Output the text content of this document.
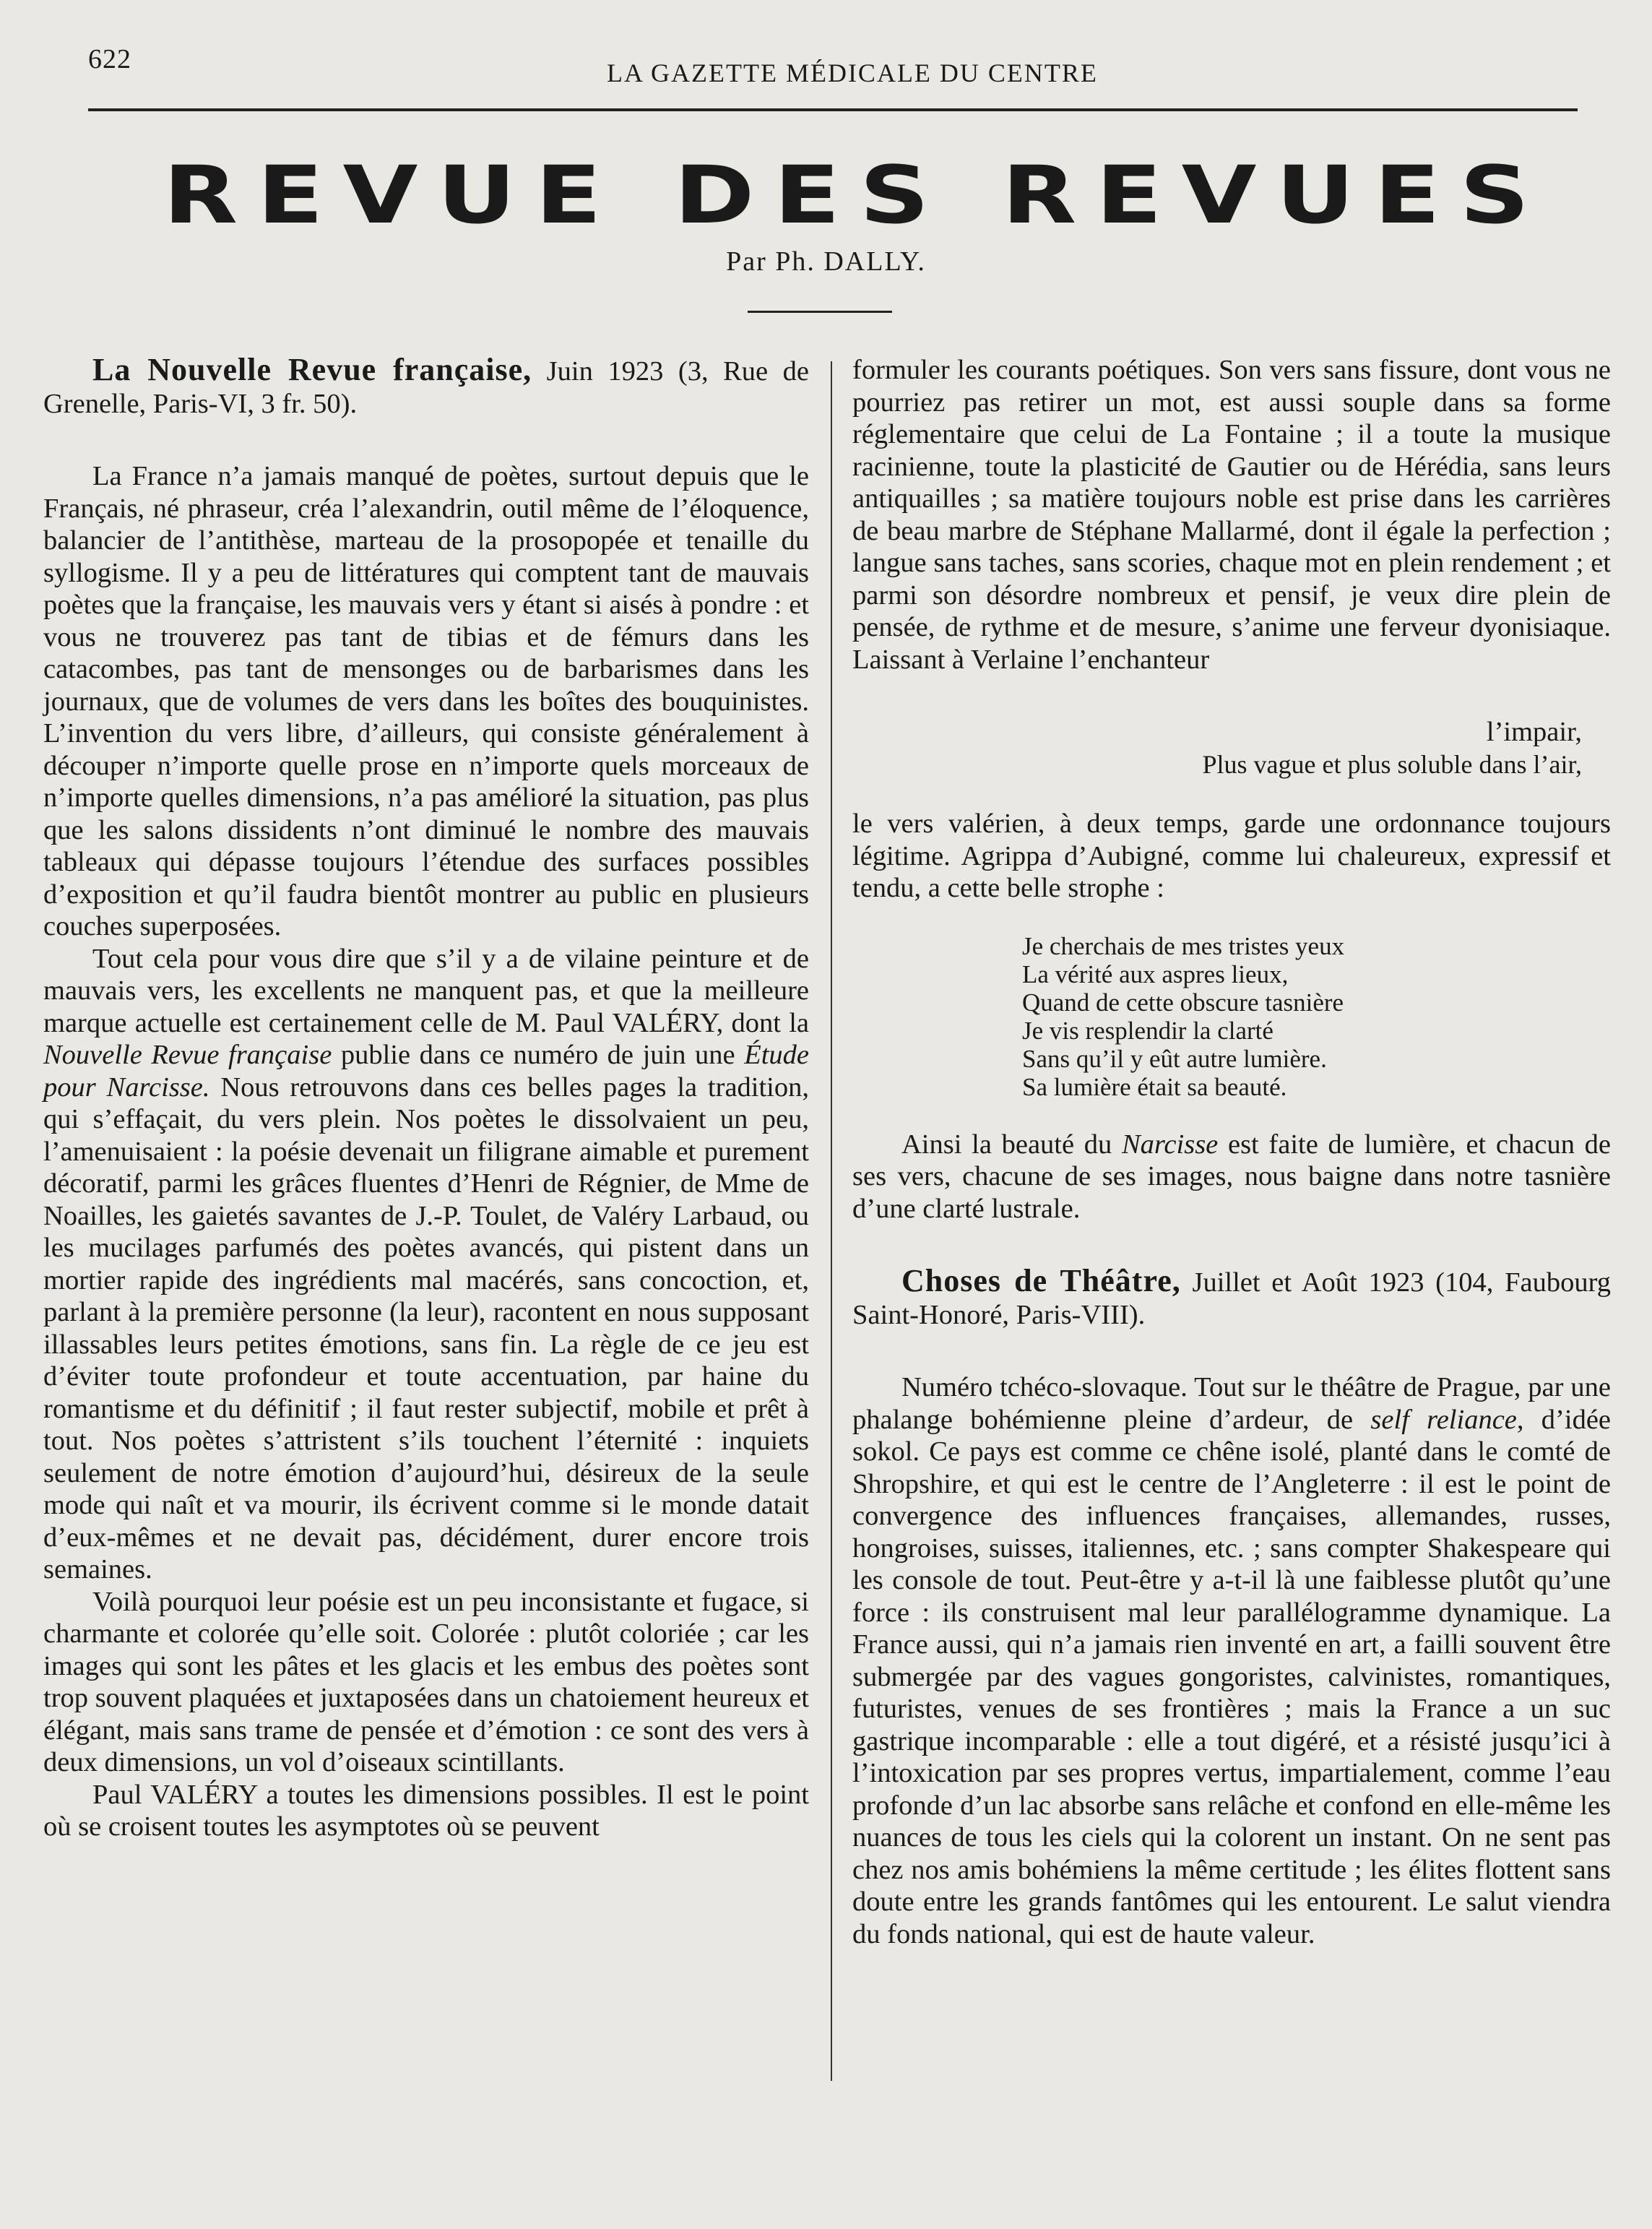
622	LA GAZETTE MÉDICALE DU CENTRE
REVUE DES REVUES
Par Ph. DALLY.

La Nouvelle Revue française, Juin 1923 (3, Rue de Grenelle, Paris-VI, 3 fr. 50).

La France n’a jamais manqué de poètes, surtout depuis que le Français, né phraseur, créa l’alexandrin, outil même de l’éloquence, balancier de l’antithèse, marteau de la prosopopée et tenaille du syllogisme. Il y a peu de littératures qui comptent tant de mauvais poètes que la française, les mauvais vers y étant si aisés à pondre : et vous ne trouverez pas tant de tibias et de fémurs dans les catacombes, pas tant de mensonges ou de barbarismes dans les journaux, que de volumes de vers dans les boîtes des bouquinistes. L’invention du vers libre, d’ailleurs, qui consiste généralement à découper n’importe quelle prose en n’importe quels morceaux de n’importe quelles dimensions, n’a pas amélioré la situation, pas plus que les salons dissidents n’ont diminué le nombre des mauvais tableaux qui dépasse toujours l’étendue des surfaces possibles d’exposition et qu’il faudra bientôt montrer au public en plusieurs couches superposées.

Tout cela pour vous dire que s’il y a de vilaine peinture et de mauvais vers, les excellents ne manquent pas, et que la meilleure marque actuelle est certainement celle de M. Paul VALÉRY, dont la Nouvelle Revue française publie dans ce numéro de juin une Étude pour Narcisse. Nous retrouvons dans ces belles pages la tradition, qui s’effaçait, du vers plein. Nos poètes le dissolvaient un peu, l’amenuisaient : la poésie devenait un filigrane aimable et purement décoratif, parmi les grâces fluentes d’Henri de Régnier, de Mme de Noailles, les gaietés savantes de J.-P. Toulet, de Valéry Larbaud, ou les mucilages parfumés des poètes avancés, qui pistent dans un mortier rapide des ingrédients mal macérés, sans concoction, et, parlant à la première personne (la leur), racontent en nous supposant illassables leurs petites émotions, sans fin. La règle de ce jeu est d’éviter toute profondeur et toute accentuation, par haine du romantisme et du définitif ; il faut rester subjectif, mobile et prêt à tout. Nos poètes s’attristent s’ils touchent l’éternité : inquiets seulement de notre émotion d’aujourd’hui, désireux de la seule mode qui naît et va mourir, ils écrivent comme si le monde datait d’eux-mêmes et ne devait pas, décidément, durer encore trois semaines.

Voilà pourquoi leur poésie est un peu inconsistante et fugace, si charmante et colorée qu’elle soit. Colorée : plutôt coloriée ; car les images qui sont les pâtes et les glacis et les embus des poètes sont trop souvent plaquées et juxtaposées dans un chatoiement heureux et élégant, mais sans trame de pensée et d’émotion : ce sont des vers à deux dimensions, un vol d’oiseaux scintillants.

Paul VALÉRY a toutes les dimensions possibles. Il est le point où se croisent toutes les asymptotes où se peuvent

formuler les courants poétiques. Son vers sans fissure, dont vous ne pourriez pas retirer un mot, est aussi souple dans sa forme réglementaire que celui de La Fontaine ; il a toute la musique racinienne, toute la plasticité de Gautier ou de Hérédia, sans leurs antiquailles ; sa matière toujours noble est prise dans les carrières de beau marbre de Stéphane Mallarmé, dont il égale la perfection ; langue sans taches, sans scories, chaque mot en plein rendement ; et parmi son désordre nombreux et pensif, je veux dire plein de pensée, de rythme et de mesure, s’anime une ferveur dyonisiaque. Laissant à Verlaine l’enchanteur

l’impair,

Plus vague et plus soluble dans l’air,

le vers valérien, à deux temps, garde une ordonnance toujours légitime. Agrippa d’Aubigné, comme lui chaleureux, expressif et tendu, a cette belle strophe :

Je cherchais de mes tristes yeux

La vérité aux aspres lieux,

Quand de cette obscure tasnière

Je vis resplendir la clarté

Sans qu’il y eût autre lumière.

Sa lumière était sa beauté.

Ainsi la beauté du Narcisse est faite de lumière, et chacun de ses vers, chacune de ses images, nous baigne dans notre tasnière d’une clarté lustrale.

Choses de Théâtre, Juillet et Août 1923 (104, Faubourg Saint-Honoré, Paris-VIII).

Numéro tchéco-slovaque. Tout sur le théâtre de Prague, par une phalange bohémienne pleine d’ardeur, de self reliance, d’idée sokol. Ce pays est comme ce chêne isolé, planté dans le comté de Shropshire, et qui est le centre de l’Angleterre : il est le point de convergence des influences françaises, allemandes, russes, hongroises, suisses, italiennes, etc. ; sans compter Shakespeare qui les console de tout. Peut-être y a-t-il là une faiblesse plutôt qu’une force : ils construisent mal leur parallélogramme dynamique. La France aussi, qui n’a jamais rien inventé en art, a failli souvent être submergée par des vagues gongoristes, calvinistes, romantiques, futuristes, venues de ses frontières ; mais la France a un suc gastrique incomparable : elle a tout digéré, et a résisté jusqu’ici à l’intoxication par ses propres vertus, impartialement, comme l’eau profonde d’un lac absorbe sans relâche et confond en elle-même les nuances de tous les ciels qui la colorent un instant. On ne sent pas chez nos amis bohémiens la même certitude ; les élites flottent sans doute entre les grands fantômes qui les entourent. Le salut viendra du fonds national, qui est de haute valeur.
